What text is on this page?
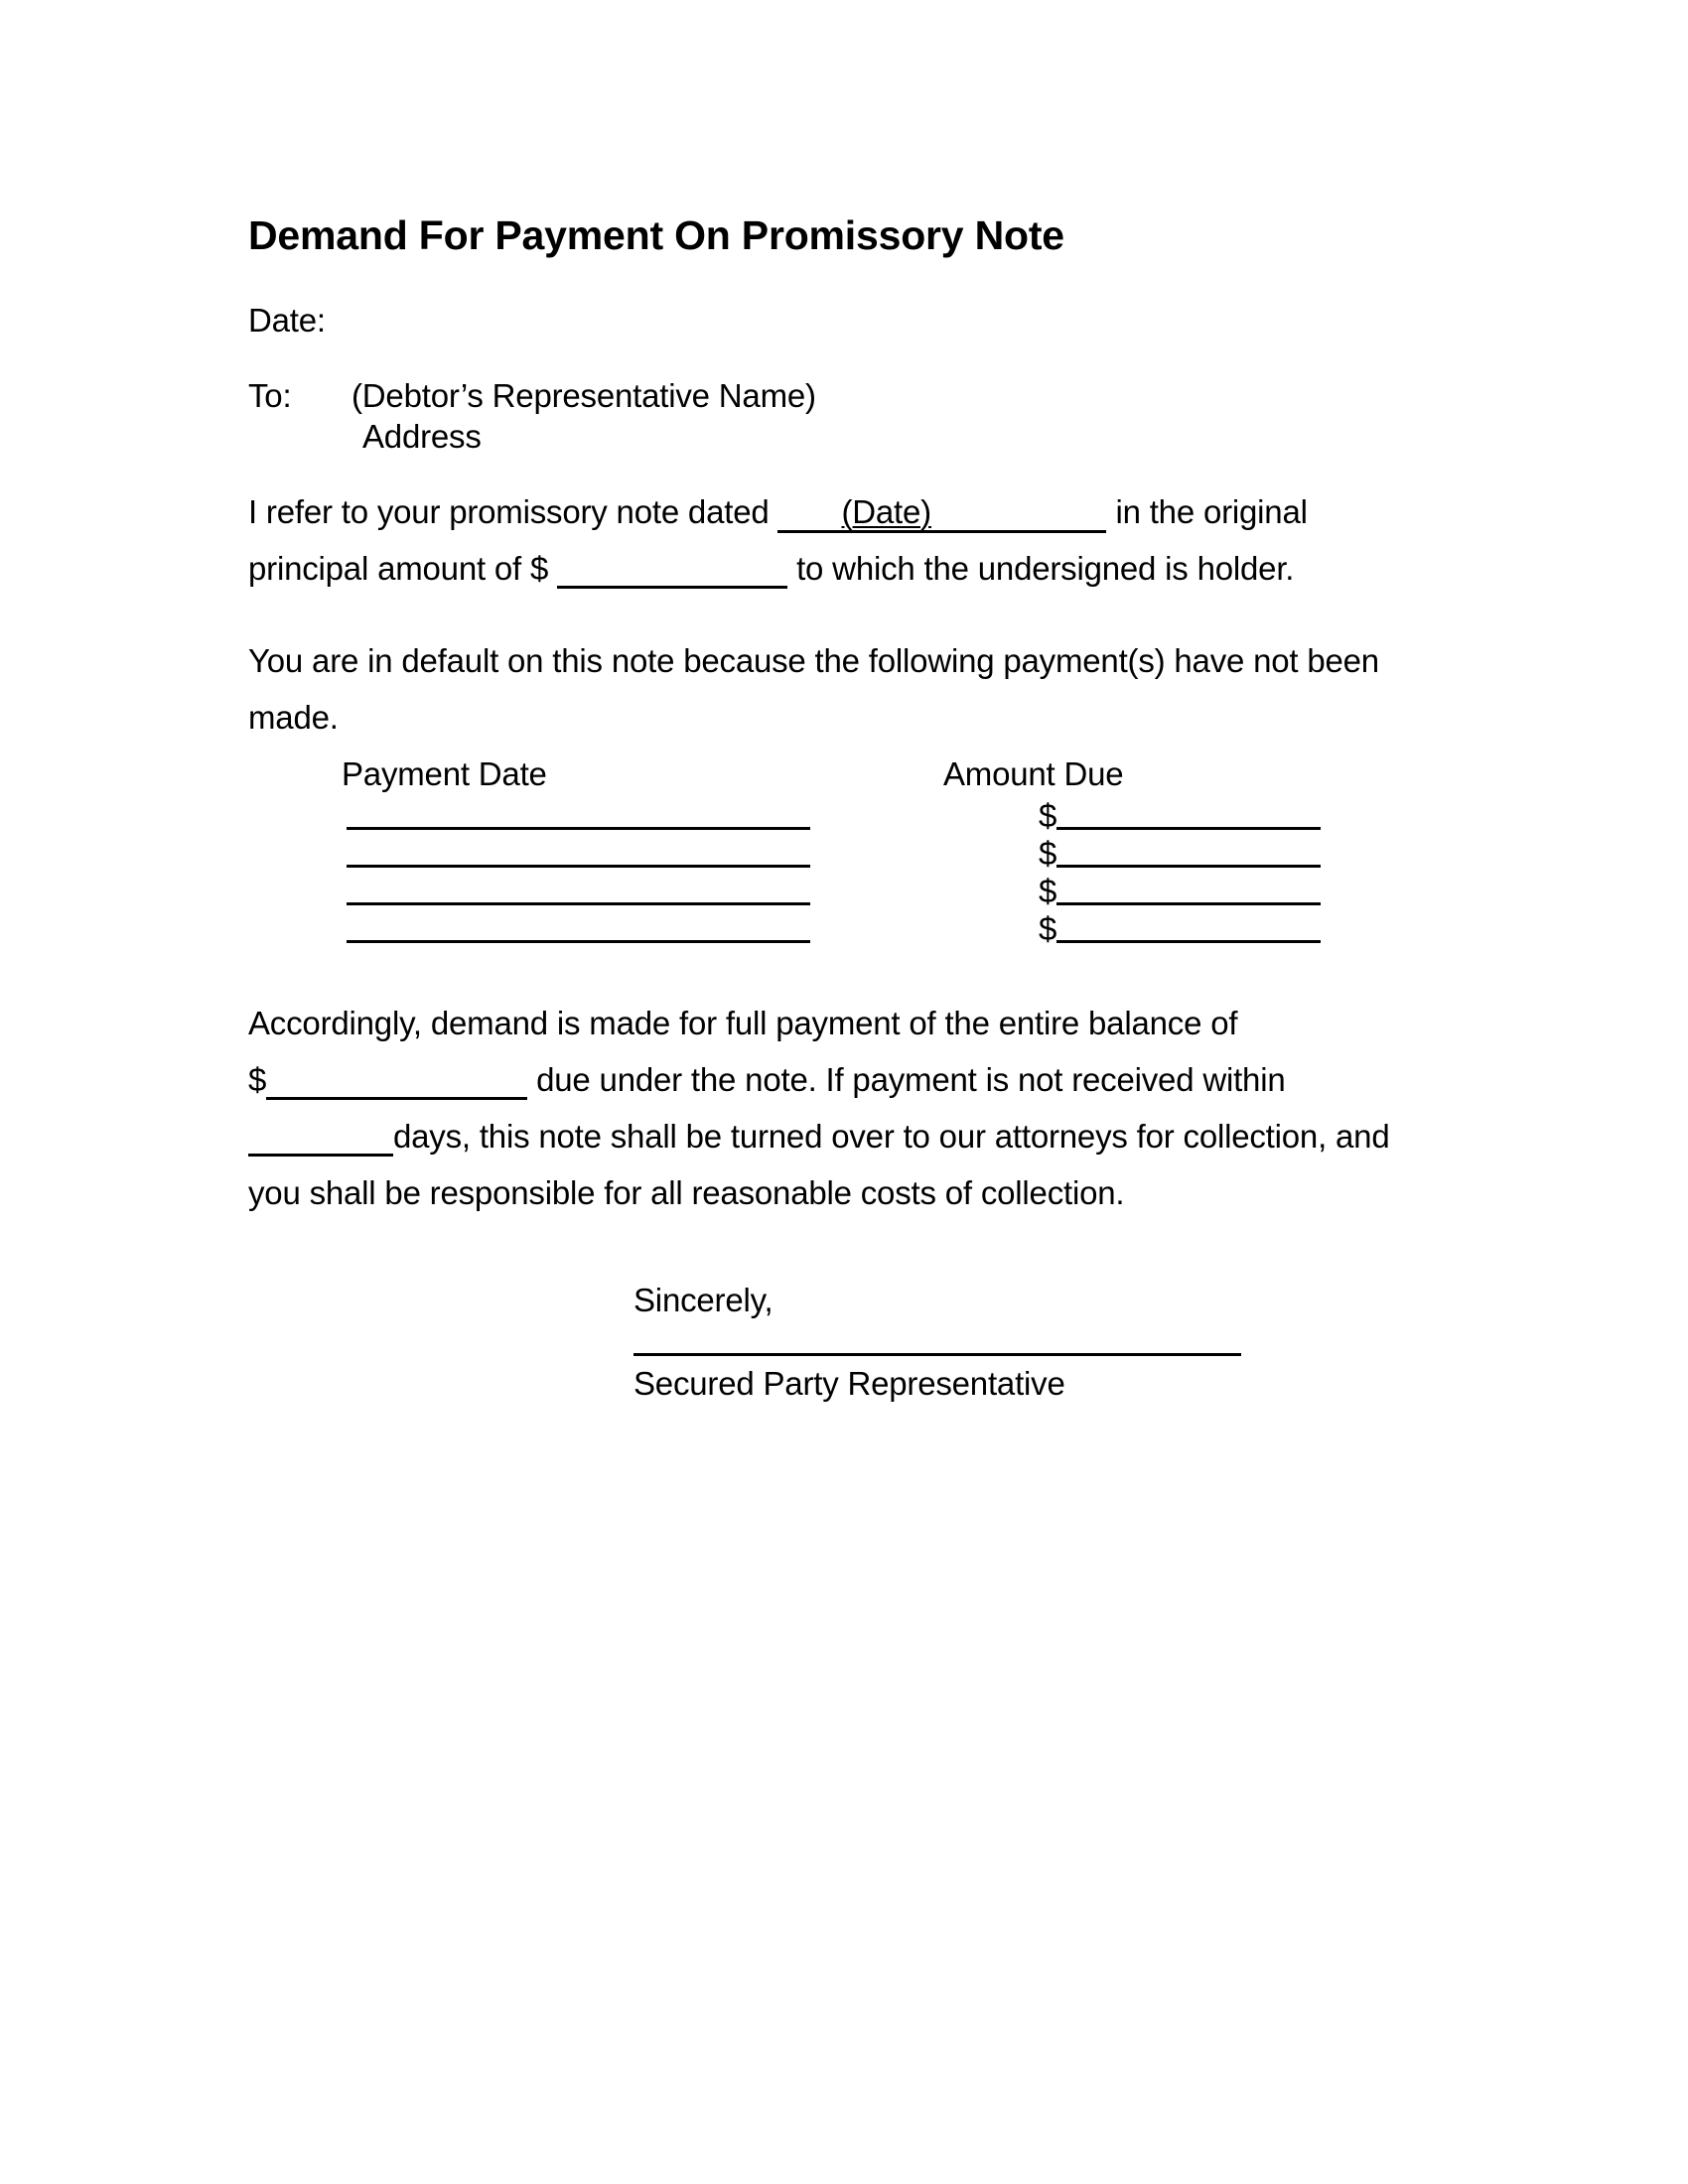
Demand For Payment On Promissory Note
Date:
To: (Debtor’s Representative Name)
Address
I refer to your promissory note dated (Date)	in the original
principal amount of $	to which the undersigned is holder.
You are in default on this note because the following payment(s) have not been
made.
Payment Date	Amount Due
$
$
$
$
Accordingly, demand is made for full payment of the entire balance of
$	due under the note. If payment is not received within
days, this note shall be turned over to our attorneys for collection, and
you shall be responsible for all reasonable costs of collection.
Sincerely,
Secured Party Representative
